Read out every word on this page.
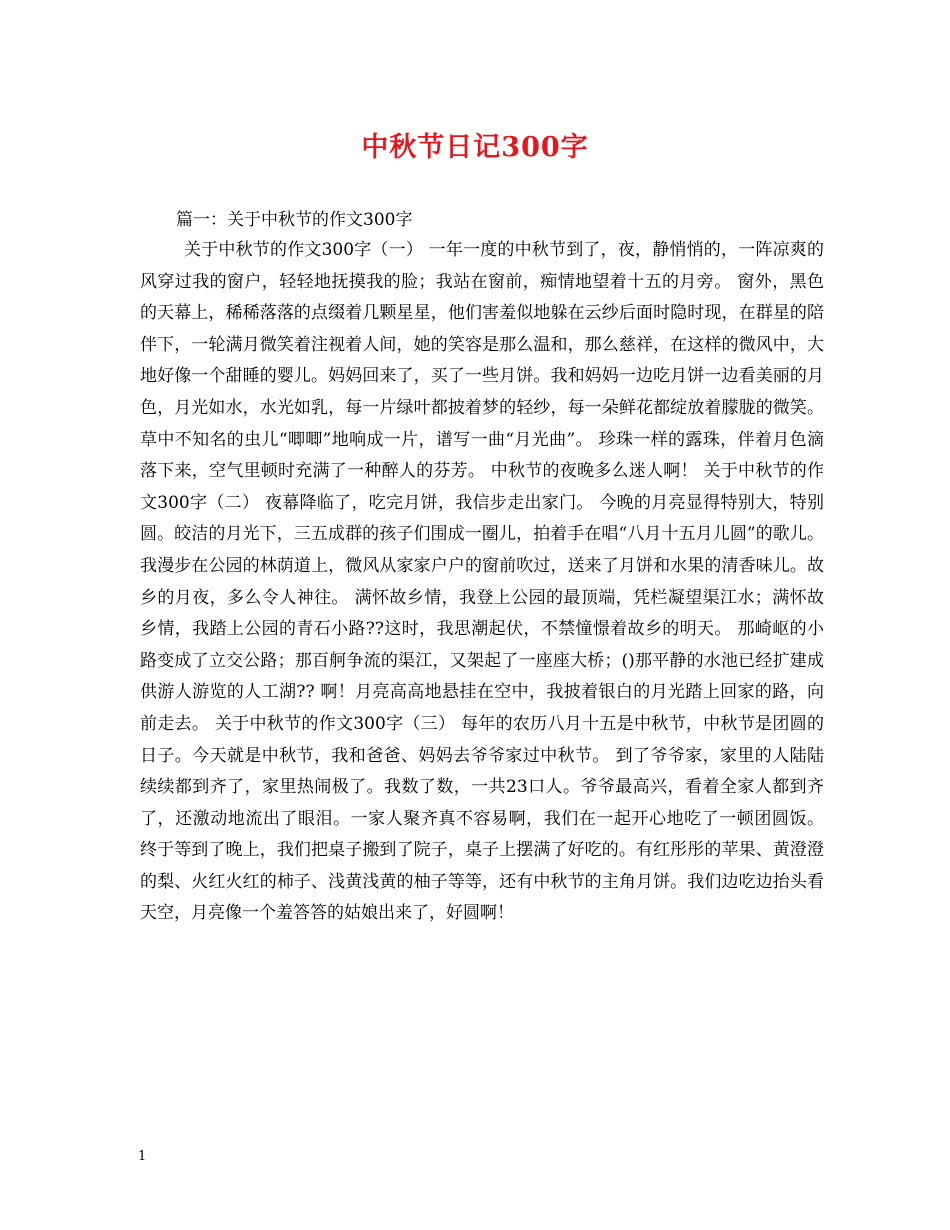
中秋节日记300字
篇一：关于中秋节的作文300字

关于中秋节的作文300字（一） 一年一度的中秋节到了，夜，静悄悄的，一阵凉爽的风穿过我的窗户，轻轻地抚摸我的脸；我站在窗前，痴情地望着十五的月旁。 窗外，黑色的天幕上，稀稀落落的点缀着几颗星星，他们害羞似地躲在云纱后面时隐时现，在群星的陪伴下，一轮满月微笑着注视着人间，她的笑容是那么温和，那么慈祥，在这样的微风中，大地好像一个甜睡的婴儿。妈妈回来了，买了一些月饼。我和妈妈一边吃月饼一边看美丽的月色，月光如水，水光如乳，每一片绿叶都披着梦的轻纱，每一朵鲜花都绽放着朦胧的微笑。草中不知名的虫儿“唧唧”地响成一片，谱写一曲“月光曲”。 珍珠一样的露珠，伴着月色滴落下来，空气里顿时充满了一种醉人的芬芳。 中秋节的夜晚多么迷人啊！ 关于中秋节的作文300字（二） 夜幕降临了，吃完月饼，我信步走出家门。 今晚的月亮显得特别大，特别圆。皎洁的月光下，三五成群的孩子们围成一圈儿，拍着手在唱“八月十五月儿圆”的歌儿。 我漫步在公园的林荫道上，微风从家家户户的窗前吹过，送来了月饼和水果的清香味儿。故乡的月夜，多么令人神往。 满怀故乡情，我登上公园的最顶端，凭栏凝望渠江水；满怀故乡情，我踏上公园的青石小路??这时，我思潮起伏，不禁憧憬着故乡的明天。 那崎岖的小路变成了立交公路；那百舸争流的渠江，又架起了一座座大桥；()那平静的水池已经扩建成供游人游览的人工湖?? 啊！月亮高高地悬挂在空中，我披着银白的月光踏上回家的路，向前走去。 关于中秋节的作文300字（三） 每年的农历八月十五是中秋节，中秋节是团圆的日子。今天就是中秋节，我和爸爸、妈妈去爷爷家过中秋节。 到了爷爷家，家里的人陆陆续续都到齐了，家里热闹极了。我数了数，一共23口人。爷爷最高兴，看着全家人都到齐了，还激动地流出了眼泪。一家人聚齐真不容易啊，我们在一起开心地吃了一顿团圆饭。 终于等到了晚上，我们把桌子搬到了院子，桌子上摆满了好吃的。有红彤彤的苹果、黄澄澄的梨、火红火红的柿子、浅黄浅黄的柚子等等，还有中秋节的主角月饼。我们边吃边抬头看天空，月亮像一个羞答答的姑娘出来了，好圆啊！

1
